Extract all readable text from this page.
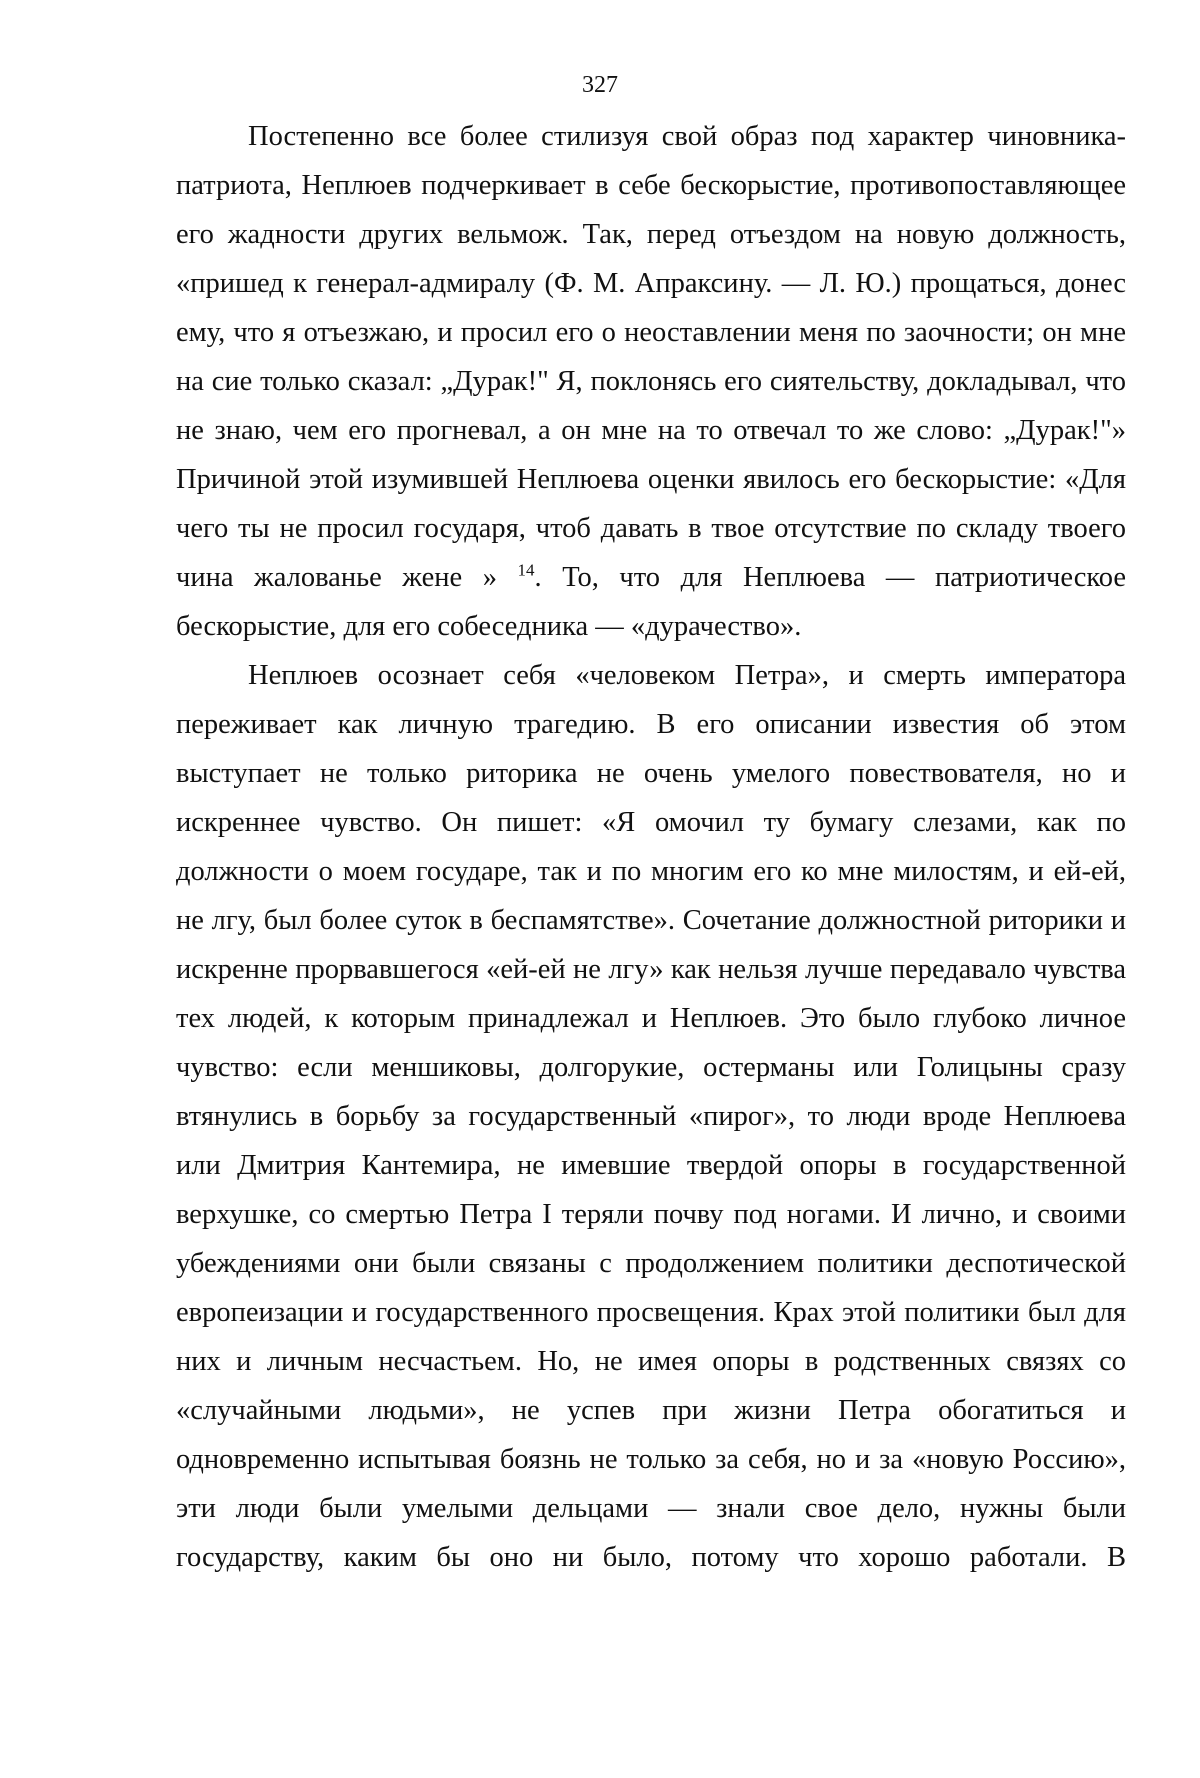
327

Постепенно все более стилизуя свой образ под характер чиновника-
патриота, Неплюев подчеркивает в себе бескорыстие, противопоставляющее
его жадности других вельмож. Так, перед отъездом на новую должность,
«пришед к генерал-адмиралу (Ф. М. Апраксину. — Л. Ю.) прощаться, донес
ему, что я отъезжаю, и просил его о неоставлении меня по заочности; он мне
на сие только сказал: „Дурак!" Я, поклонясь его сиятельству, докладывал, что
не знаю, чем его прогневал, а он мне на то отвечал то же слово: „Дурак!"»
Причиной этой изумившей Неплюева оценки явилось его бескорыстие: «Для
чего ты не просил государя, чтоб давать в твое отсутствие по складу твоего
чина жалованье жене » $^{14}$. То, что для Неплюева — патриотическое
бескорыстие, для его собеседника — «дурачество».

Неплюев осознает себя «человеком Петра», и смерть императора
переживает как личную трагедию. В его описании известия об этом
выступает не только риторика не очень умелого повествователя, но и
искреннее чувство. Он пишет: «Я омочил ту бумагу слезами, как по
должности о моем государе, так и по многим его ко мне милостям, и ей-ей,
не лгу, был более суток в беспамятстве». Сочетание должностной риторики и
искренне прорвавшегося «ей-ей не лгу» как нельзя лучше передавало чувства
тех людей, к которым принадлежал и Неплюев. Это было глубоко личное
чувство: если меншиковы, долгорукие, остерманы или Голицыны сразу
втянулись в борьбу за государственный «пирог», то люди вроде Неплюева
или Дмитрия Кантемира, не имевшие твердой опоры в государственной
верхушке, со смертью Петра I теряли почву под ногами. И лично, и своими
убеждениями они были связаны с продолжением политики деспотической
европеизации и государственного просвещения. Крах этой политики был для
них и личным несчастьем. Но, не имея опоры в родственных связях со
«случайными людьми», не успев при жизни Петра обогатиться и
одновременно испытывая боязнь не только за себя, но и за «новую Россию»,
эти люди были умелыми дельцами — знали свое дело, нужны были
государству, каким бы оно ни было, потому что хорошо работали. В
